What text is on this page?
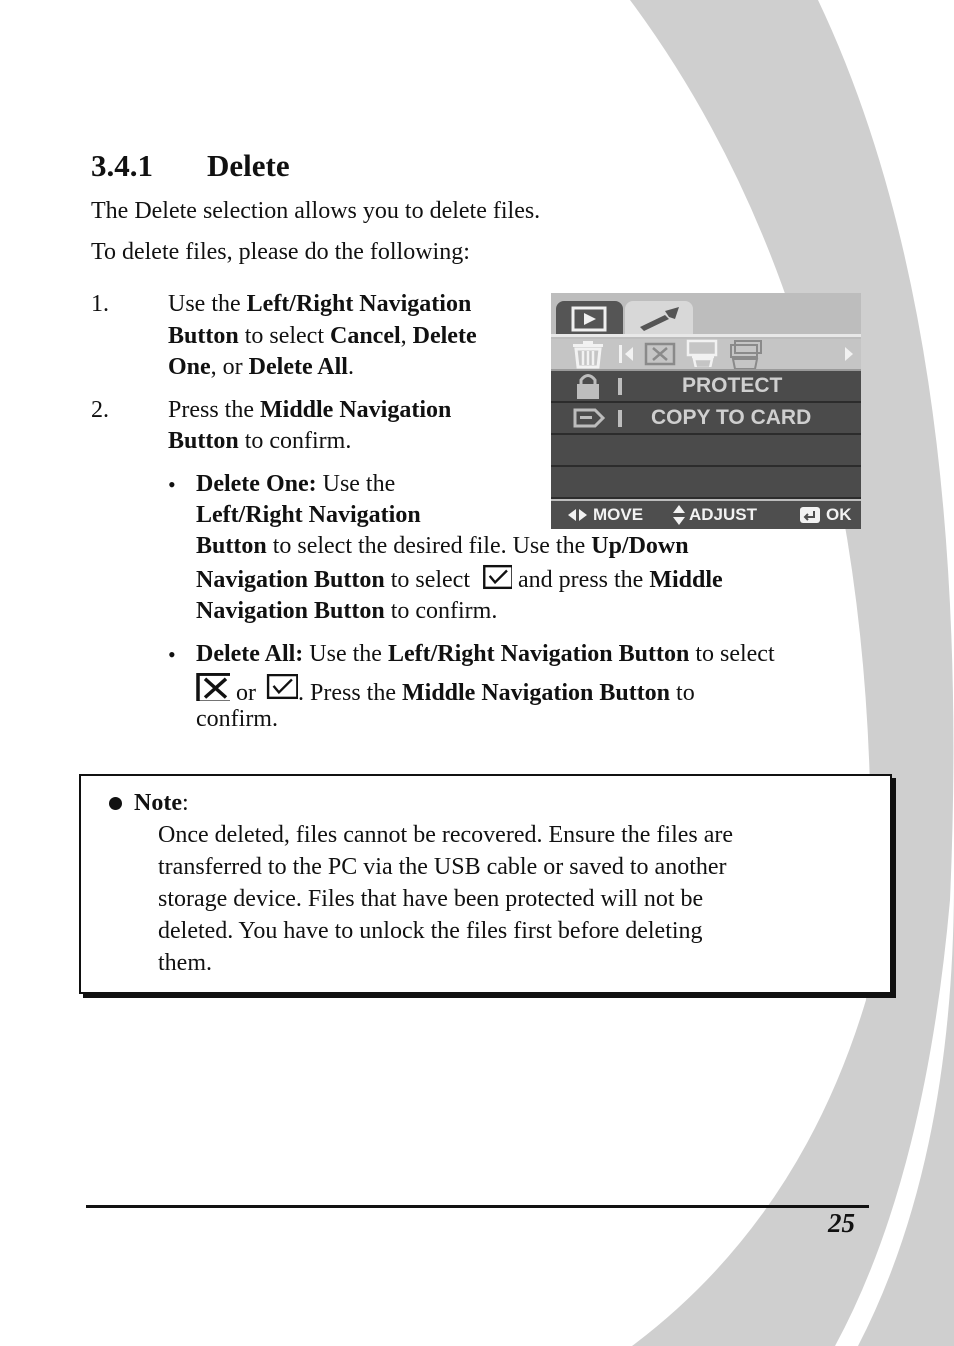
3.4.1 Delete
The Delete selection allows you to delete files.
To delete files, please do the following:
1. Use the Left/Right Navigation
Button to select Cancel, Delete
One, or Delete All.
2. Press the Middle Navigation
Button to confirm.
• Delete One: Use the
Left/Right Navigation
Button to select the desired file. Use the Up/Down
Navigation Button to select  and press the Middle
Navigation Button to confirm.
• Delete All: Use the Left/Right Navigation Button to select
or . Press the Middle Navigation Button to
confirm.
PROTECT
COPY TO CARD
MOVE	ADJUST	OK
Note:
Once deleted, files cannot be recovered. Ensure the files are
transferred to the PC via the USB cable or saved to another
storage device. Files that have been protected will not be
deleted. You have to unlock the files first before deleting
them.
25
